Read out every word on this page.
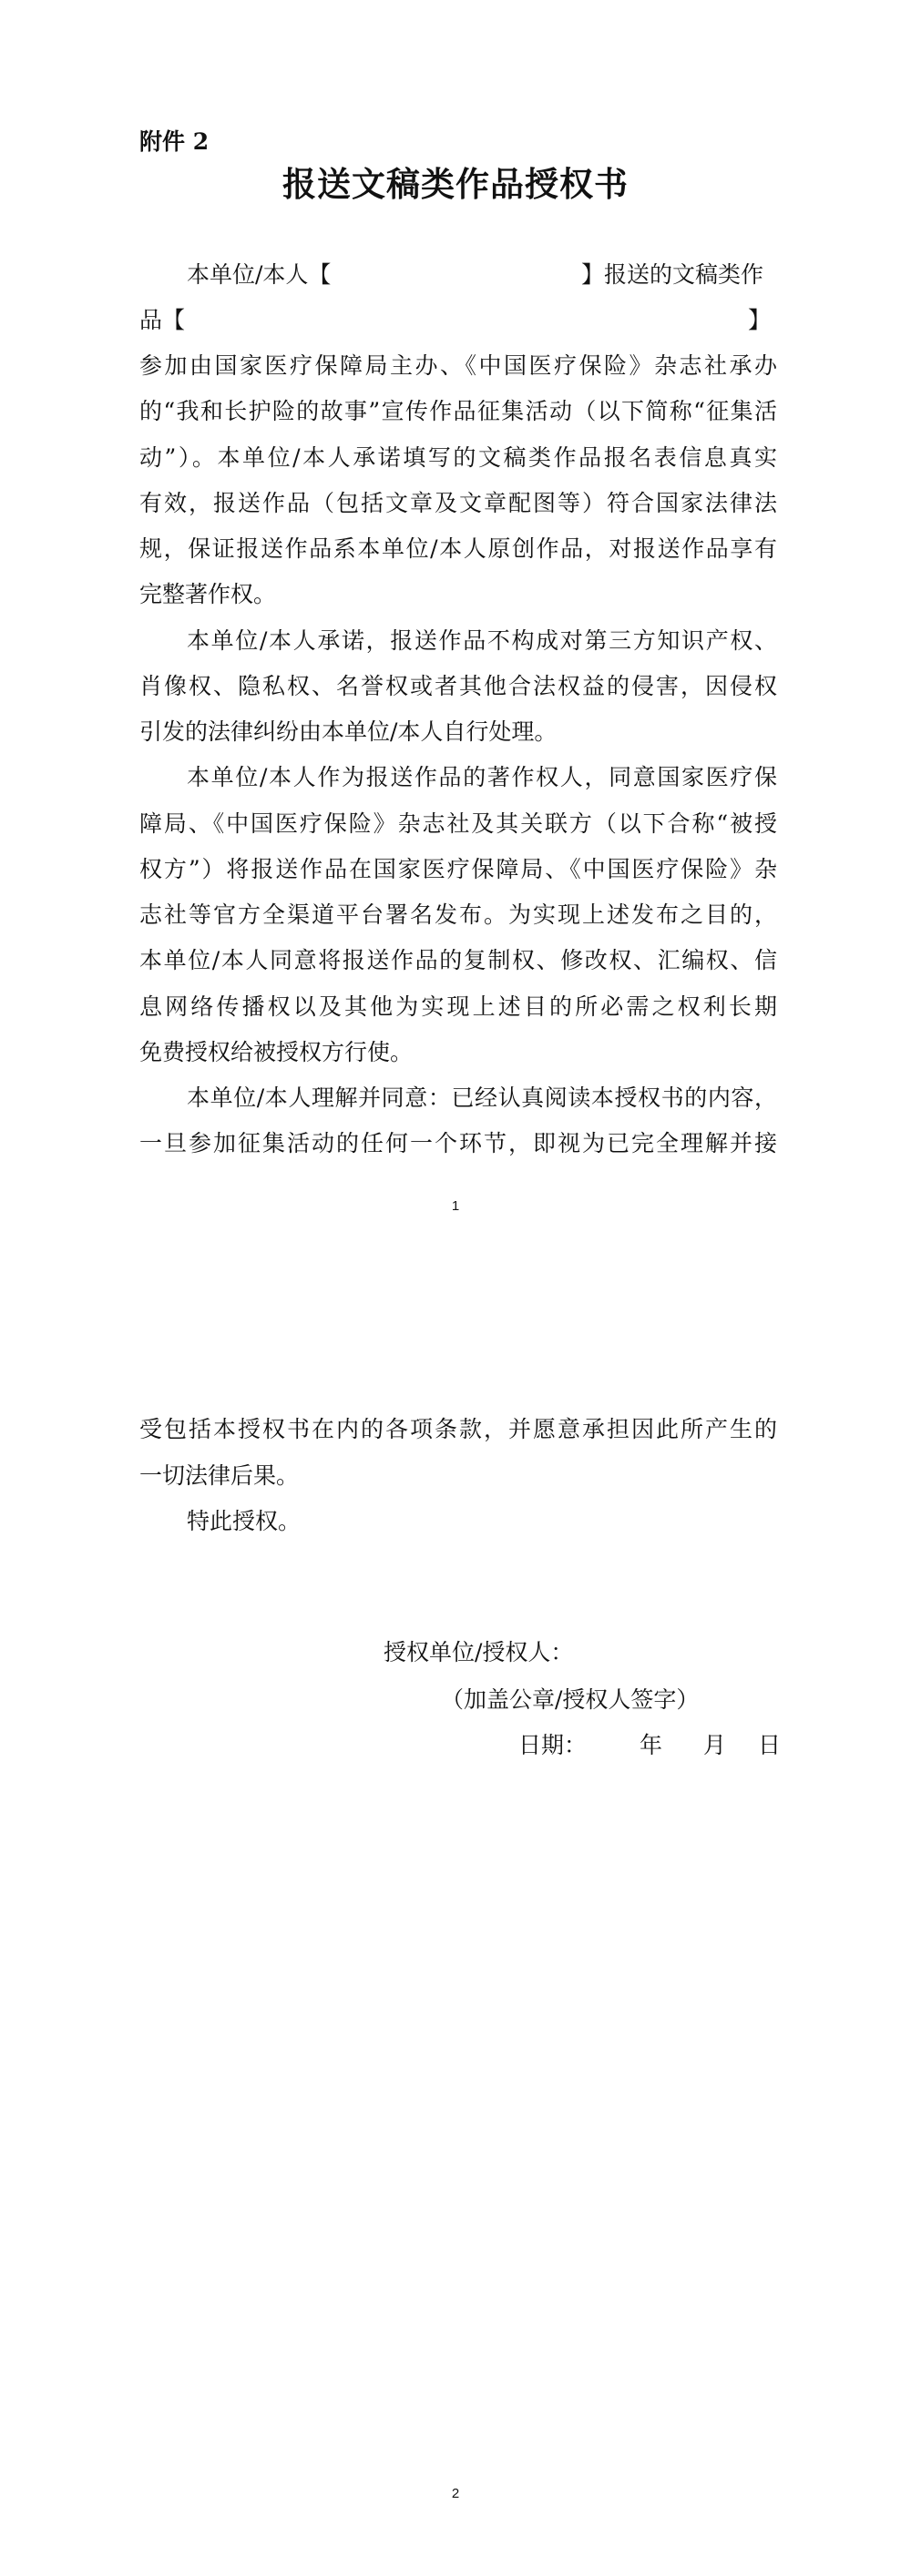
附件 2
报送文稿类作品授权书
本单位/本人【	】报送的文稿类作
品【	】
参加由国家医疗保障局主办、《中国医疗保险》杂志社承办
的“我和长护险的故事”宣传作品征集活动（以下简称“征集活
动”）。本单位/本人承诺填写的文稿类作品报名表信息真实
有效，报送作品（包括文章及文章配图等）符合国家法律法
规，保证报送作品系本单位/本人原创作品，对报送作品享有
完整著作权。
本单位/本人承诺，报送作品不构成对第三方知识产权、
肖像权、隐私权、名誉权或者其他合法权益的侵害，因侵权
引发的法律纠纷由本单位/本人自行处理。
本单位/本人作为报送作品的著作权人，同意国家医疗保
障局、《中国医疗保险》杂志社及其关联方（以下合称“被授
权方”）将报送作品在国家医疗保障局、《中国医疗保险》杂
志社等官方全渠道平台署名发布。为实现上述发布之目的，
本单位/本人同意将报送作品的复制权、修改权、汇编权、信
息网络传播权以及其他为实现上述目的所必需之权利长期
免费授权给被授权方行使。
本单位/本人理解并同意：已经认真阅读本授权书的内容，
一旦参加征集活动的任何一个环节，即视为已完全理解并接
1
受包括本授权书在内的各项条款，并愿意承担因此所产生的
一切法律后果。
特此授权。
授权单位/授权人：
（加盖公章/授权人签字）
日期： 年 月 日
2
